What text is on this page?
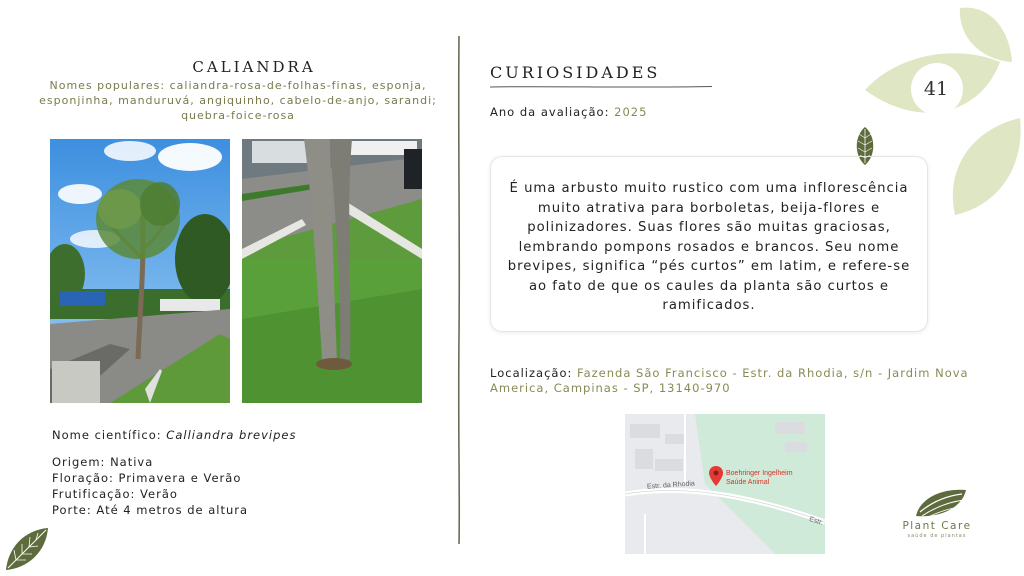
41
CALIANDRA
Nomes populares: caliandra-rosa-de-folhas-finas, esponja, esponjinha, manduruvá, angiquinho, cabelo-de-anjo, sarandi; quebra-foice-rosa
Nome científico: Calliandra brevipes
Origem: Nativa
Floração: Primavera e Verão
Frutificação: Verão
Porte: Até 4 metros de altura
CURIOSIDADES
Ano da avaliação: 2025
É uma arbusto muito rustico com uma inflorescência muito atrativa para borboletas, beija-flores e polinizadores. Suas flores são muitas graciosas, lembrando pompons rosados e brancos. Seu nome brevipes, significa “pés curtos” em latim, e refere-se ao fato de que os caules da planta são curtos e ramificados.
Localização: Fazenda São Francisco - Estr. da Rhodia, s/n - Jardim Nova America, Campinas - SP, 13140-970
Boehringer Ingelheim
Saúde Animal
Estr. da Rhodia
Estr.	Plant Care
saúde de plantas
